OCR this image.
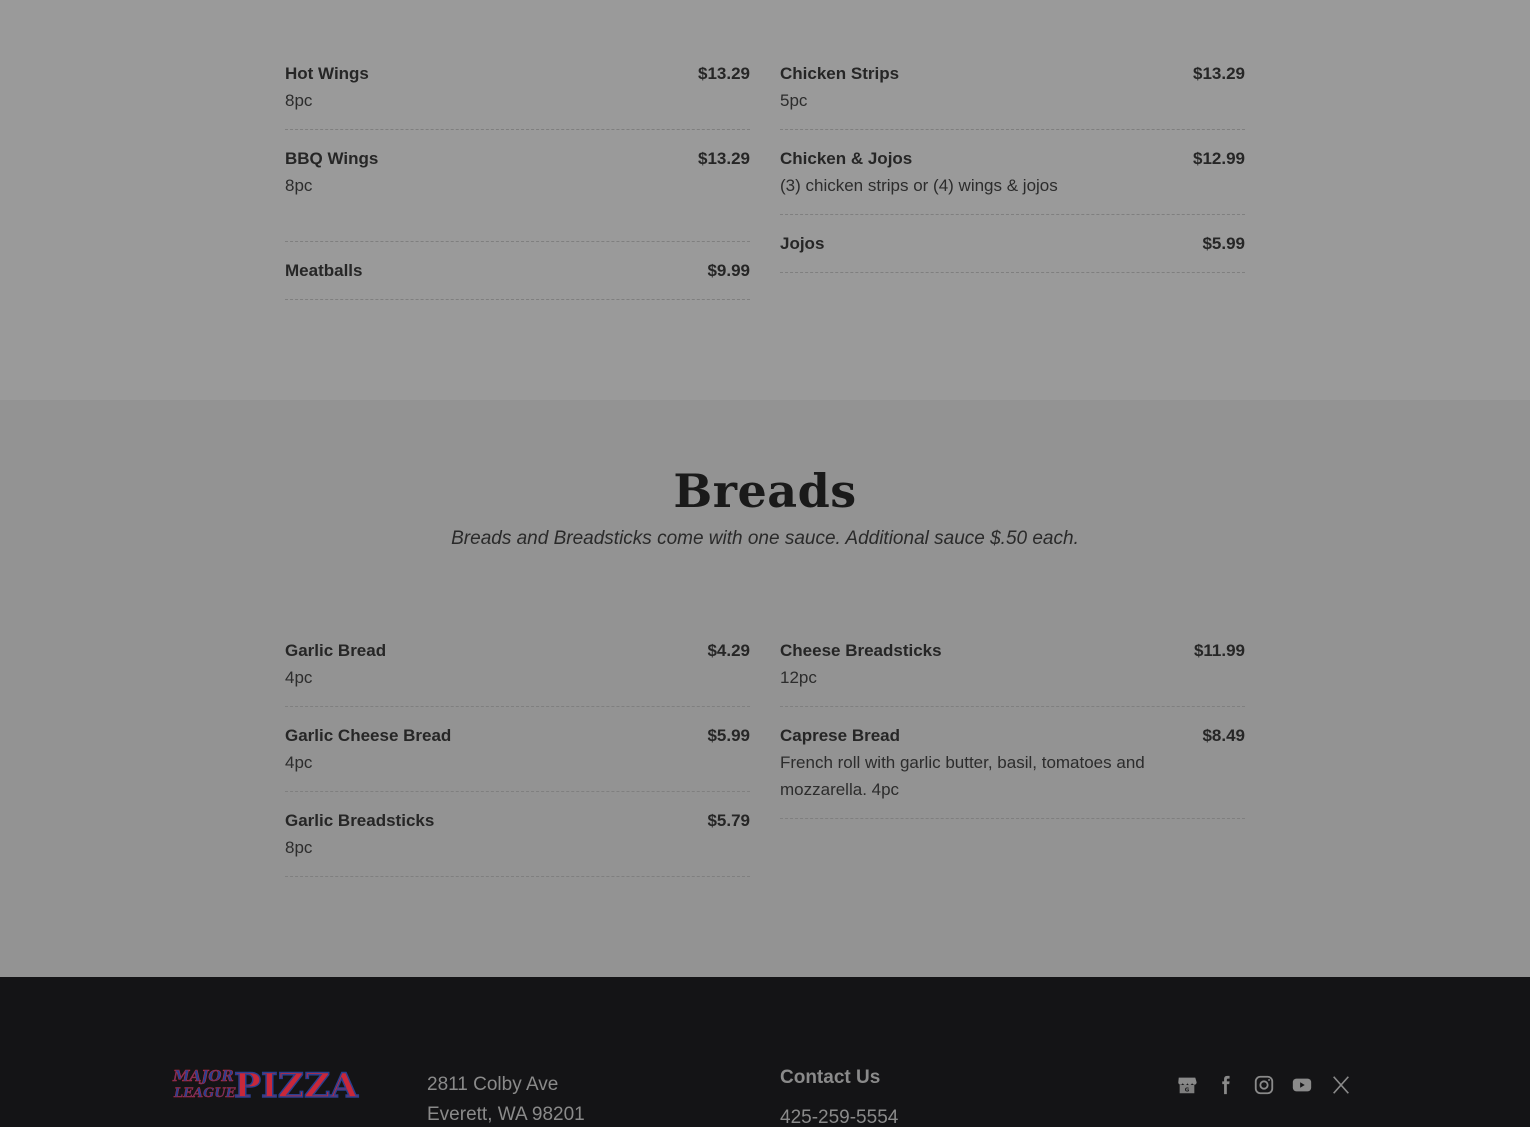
Hot Wings	$13.29
8pc
BBQ Wings	$13.29
8pc
Meatballs	$9.99
Chicken Strips	$13.29
5pc
Chicken & Jojos	$12.99
(3) chicken strips or (4) wings & jojos
Jojos	$5.99
Breads

Breads and Breadsticks come with one sauce. Additional sauce $.50 each.

Garlic Bread	$4.29
4pc
Garlic Cheese Bread	$5.99
4pc
Garlic Breadsticks	$5.79
8pc
Cheese Breadsticks	$11.99
12pc
Caprese Bread	$8.49
French roll with garlic butter, basil, tomatoes and
mozzarella. 4pc
MAJOR
LEAGUE
PIZZA	2811 Colby Ave
Everett, WA 98201
Contact Us
425-259-5554
G
